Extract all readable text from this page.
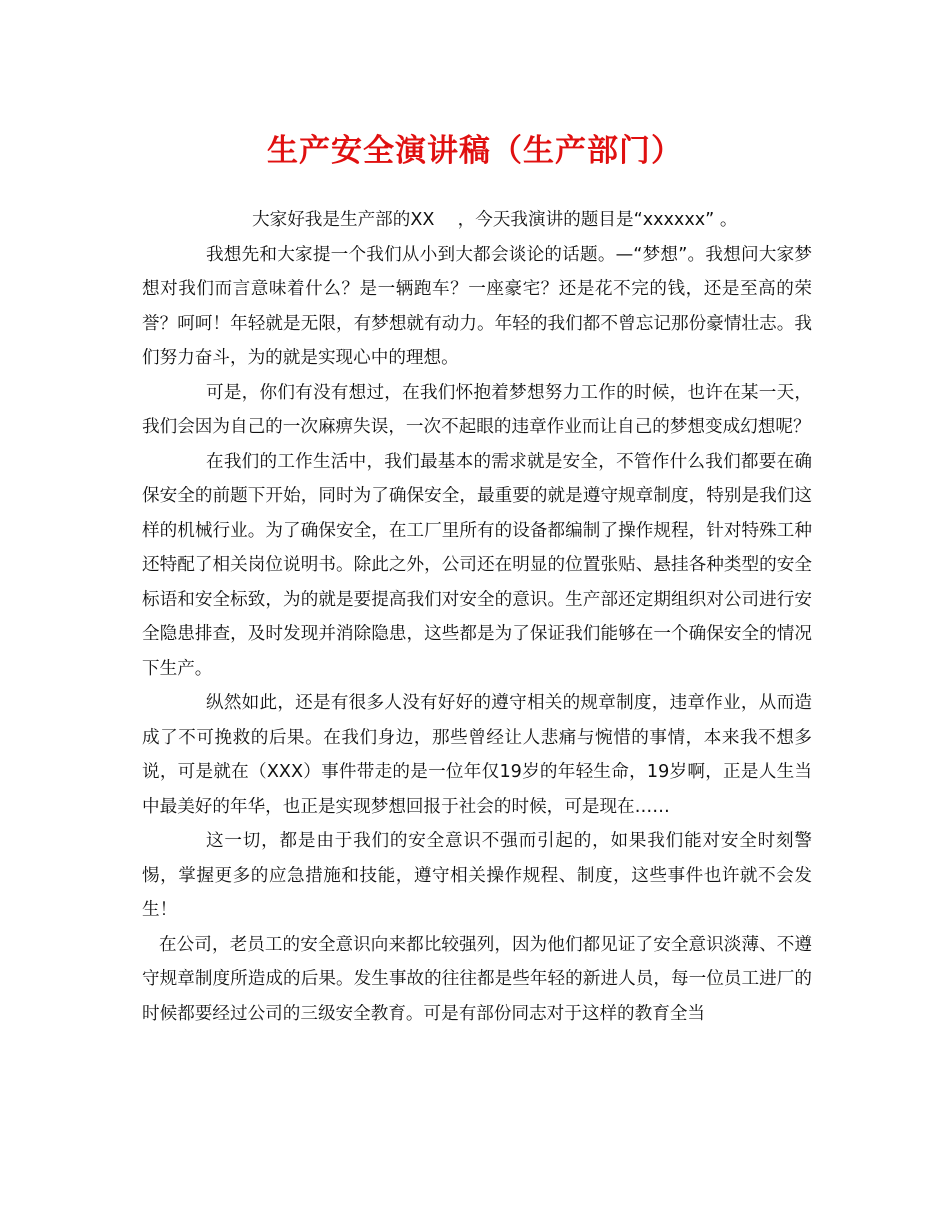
生产安全演讲稿（生产部门）

大家好我是生产部的XX　 ，今天我演讲的题目是“xxxxxx” 。

我想先和大家提一个我们从小到大都会谈论的话题。—“梦想”。我想问大家梦想对我们而言意味着什么？是一辆跑车？一座豪宅？还是花不完的钱，还是至高的荣誉？呵呵！年轻就是无限，有梦想就有动力。年轻的我们都不曾忘记那份豪情壮志。我们努力奋斗，为的就是实现心中的理想。

可是，你们有没有想过，在我们怀抱着梦想努力工作的时候，也许在某一天，我们会因为自己的一次麻痹失误，一次不起眼的违章作业而让自己的梦想变成幻想呢？

在我们的工作生活中，我们最基本的需求就是安全，不管作什么我们都要在确保安全的前题下开始，同时为了确保安全，最重要的就是遵守规章制度，特别是我们这样的机械行业。为了确保安全，在工厂里所有的设备都编制了操作规程，针对特殊工种还特配了相关岗位说明书。除此之外，公司还在明显的位置张贴、悬挂各种类型的安全标语和安全标致，为的就是要提高我们对安全的意识。生产部还定期组织对公司进行安全隐患排查，及时发现并消除隐患，这些都是为了保证我们能够在一个确保安全的情况下生产。

纵然如此，还是有很多人没有好好的遵守相关的规章制度，违章作业，从而造成了不可挽救的后果。在我们身边，那些曾经让人悲痛与惋惜的事情，本来我不想多说，可是就在（XXX）事件带走的是一位年仅19岁的年轻生命，19岁啊，正是人生当中最美好的年华，也正是实现梦想回报于社会的时候，可是现在……

这一切，都是由于我们的安全意识不强而引起的，如果我们能对安全时刻警惕，掌握更多的应急措施和技能，遵守相关操作规程、制度，这些事件也许就不会发生！

在公司，老员工的安全意识向来都比较强列，因为他们都见证了安全意识淡薄、不遵守规章制度所造成的后果。发生事故的往往都是些年轻的新进人员，每一位员工进厂的时候都要经过公司的三级安全教育。可是有部份同志对于这样的教育全当
